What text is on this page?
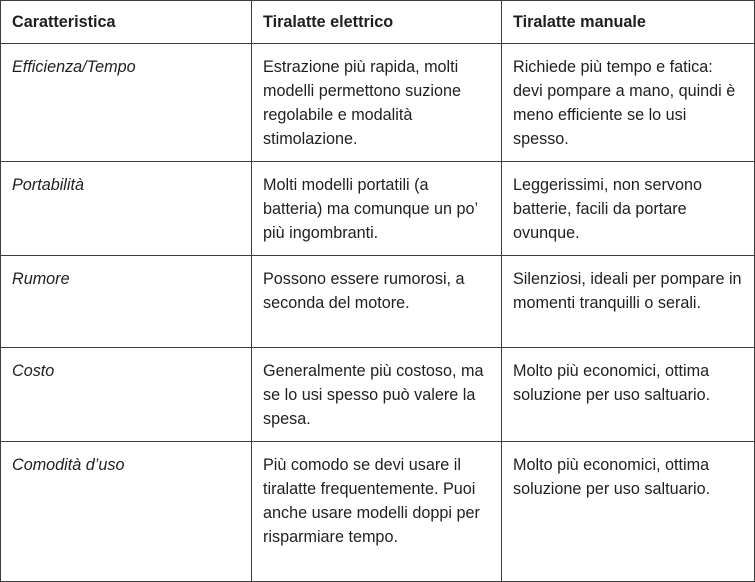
Caratteristica	Tiralatte elettrico	Tiralatte manuale
Efficienza/Tempo	Estrazione più rapida, molti modelli permettono suzione regolabile e modalità stimolazione.	Richiede più tempo e fatica: devi pompare a mano, quindi è meno efficiente se lo usi spesso.
Portabilità	Molti modelli portatili (a batteria) ma comunque un po’ più ingombranti.	Leggerissimi, non servono batterie, facili da portare ovunque.
Rumore	Possono essere rumorosi, a seconda del motore.	Silenziosi, ideali per pompare in momenti tranquilli o serali.
Costo	Generalmente più costoso, ma se lo usi spesso può valere la spesa.	Molto più economici, ottima soluzione per uso saltuario.
Comodità d’uso	Più comodo se devi usare il tiralatte frequentemente. Puoi anche usare modelli doppi per risparmiare tempo.	Molto più economici, ottima soluzione per uso saltuario.
